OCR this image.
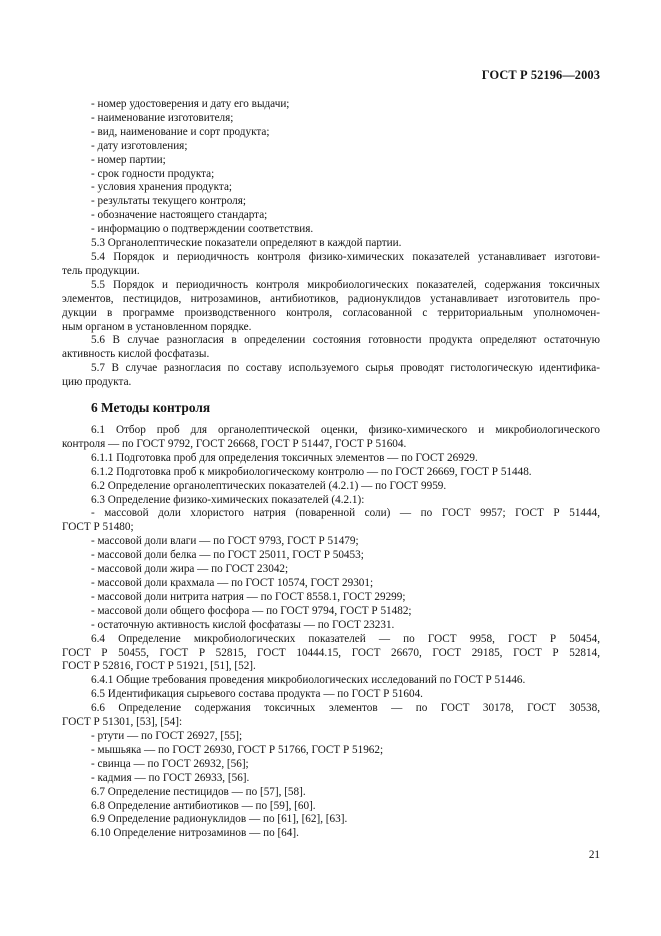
ГОСТ Р 52196—2003
- номер удостоверения и дату его выдачи;
- наименование изготовителя;
- вид, наименование и сорт продукта;
- дату изготовления;
- номер партии;
- срок годности продукта;
- условия хранения продукта;
- результаты текущего контроля;
- обозначение настоящего стандарта;
- информацию о подтверждении соответствия.
5.3 Органолептические показатели определяют в каждой партии.
5.4 Порядок и периодичность контроля физико-химических показателей устанавливает изготови-
тель продукции.
5.5 Порядок и периодичность контроля микробиологических показателей, содержания токсичных
элементов, пестицидов, нитрозаминов, антибиотиков, радионуклидов устанавливает изготовитель про-
дукции в программе производственного контроля, согласованной с территориальным уполномочен-
ным органом в установленном порядке.
5.6 В случае разногласия в определении состояния готовности продукта определяют остаточную
активность кислой фосфатазы.
5.7 В случае разногласия по составу используемого сырья проводят гистологическую идентифика-
цию продукта.
6 Методы контроля
6.1 Отбор проб для органолептической оценки, физико-химического и микробиологического
контроля — по ГОСТ 9792, ГОСТ 26668, ГОСТ Р 51447, ГОСТ Р 51604.
6.1.1 Подготовка проб для определения токсичных элементов — по ГОСТ 26929.
6.1.2 Подготовка проб к микробиологическому контролю — по ГОСТ 26669, ГОСТ Р 51448.
6.2 Определение органолептических показателей (4.2.1) — по ГОСТ 9959.
6.3 Определение физико-химических показателей (4.2.1):
- массовой доли хлористого натрия (поваренной соли) — по ГОСТ 9957; ГОСТ Р 51444,
ГОСТ Р 51480;
- массовой доли влаги — по ГОСТ 9793, ГОСТ Р 51479;
- массовой доли белка — по ГОСТ 25011, ГОСТ Р 50453;
- массовой доли жира — по ГОСТ 23042;
- массовой доли крахмала — по ГОСТ 10574, ГОСТ 29301;
- массовой доли нитрита натрия — по ГОСТ 8558.1, ГОСТ 29299;
- массовой доли общего фосфора — по ГОСТ 9794, ГОСТ Р 51482;
- остаточную активность кислой фосфатазы — по ГОСТ 23231.
6.4 Определение микробиологических показателей — по ГОСТ 9958, ГОСТ Р 50454,
ГОСТ Р 50455, ГОСТ Р 52815, ГОСТ 10444.15, ГОСТ 26670, ГОСТ 29185, ГОСТ Р 52814,
ГОСТ Р 52816, ГОСТ Р 51921, [51], [52].
6.4.1 Общие требования проведения микробиологических исследований по ГОСТ Р 51446.
6.5 Идентификация сырьевого состава продукта — по ГОСТ Р 51604.
6.6 Определение содержания токсичных элементов — по ГОСТ 30178, ГОСТ 30538,
ГОСТ Р 51301, [53], [54]:
- ртути — по ГОСТ 26927, [55];
- мышьяка — по ГОСТ 26930, ГОСТ Р 51766, ГОСТ Р 51962;
- свинца — по ГОСТ 26932, [56];
- кадмия — по ГОСТ 26933, [56].
6.7 Определение пестицидов — по [57], [58].
6.8 Определение антибиотиков — по [59], [60].
6.9 Определение радионуклидов — по [61], [62], [63].
6.10 Определение нитрозаминов — по [64].
21
